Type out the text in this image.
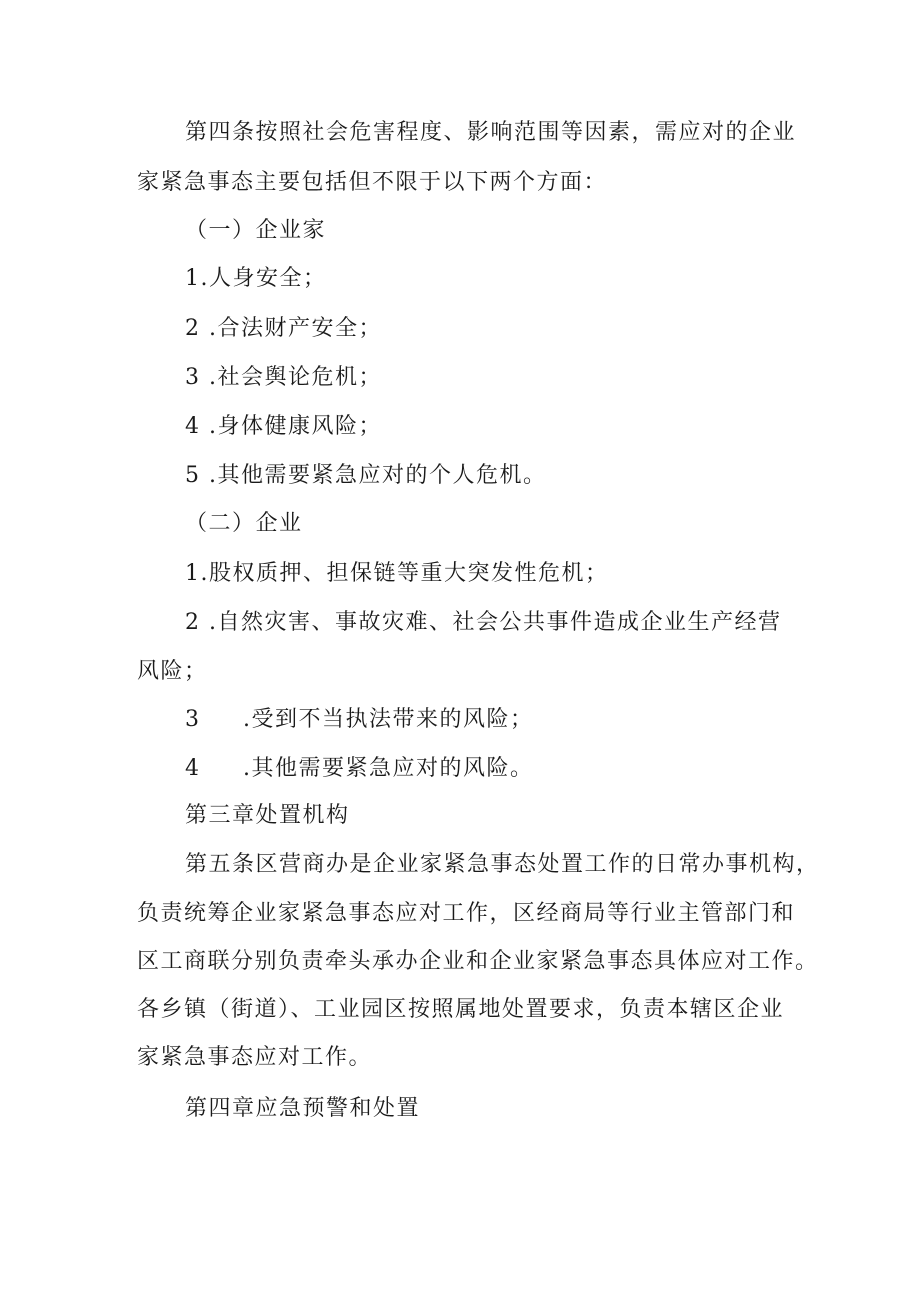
第四条按照社会危害程度、影响范围等因素，需应对的企业
家紧急事态主要包括但不限于以下两个方面：
（一）企业家
1.人身安全；
2 .合法财产安全；
3 .社会舆论危机；
4 .身体健康风险；
5 .其他需要紧急应对的个人危机。
（二）企业
1.股权质押、担保链等重大突发性危机；
2 .自然灾害、事故灾难、社会公共事件造成企业生产经营
风险；
3 .受到不当执法带来的风险；
4 .其他需要紧急应对的风险。
第三章处置机构
第五条区营商办是企业家紧急事态处置工作的日常办事机构，
负责统筹企业家紧急事态应对工作，区经商局等行业主管部门和
区工商联分别负责牵头承办企业和企业家紧急事态具体应对工作。
各乡镇（街道）、工业园区按照属地处置要求，负责本辖区企业
家紧急事态应对工作。
第四章应急预警和处置
